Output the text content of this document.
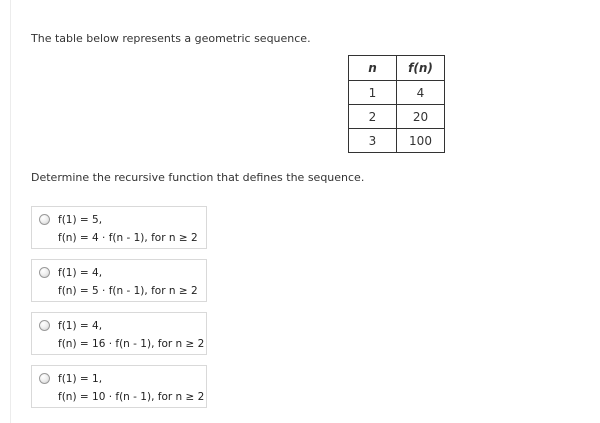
The table below represents a geometric sequence.
n	f(n)
1	4
2	20
3	100
Determine the recursive function that defines the sequence.
f(1) = 5,
f(n) = 4 · f(n - 1), for n ≥ 2
f(1) = 4,
f(n) = 5 · f(n - 1), for n ≥ 2
f(1) = 4,
f(n) = 16 · f(n - 1), for n ≥ 2
f(1) = 1,
f(n) = 10 · f(n - 1), for n ≥ 2
